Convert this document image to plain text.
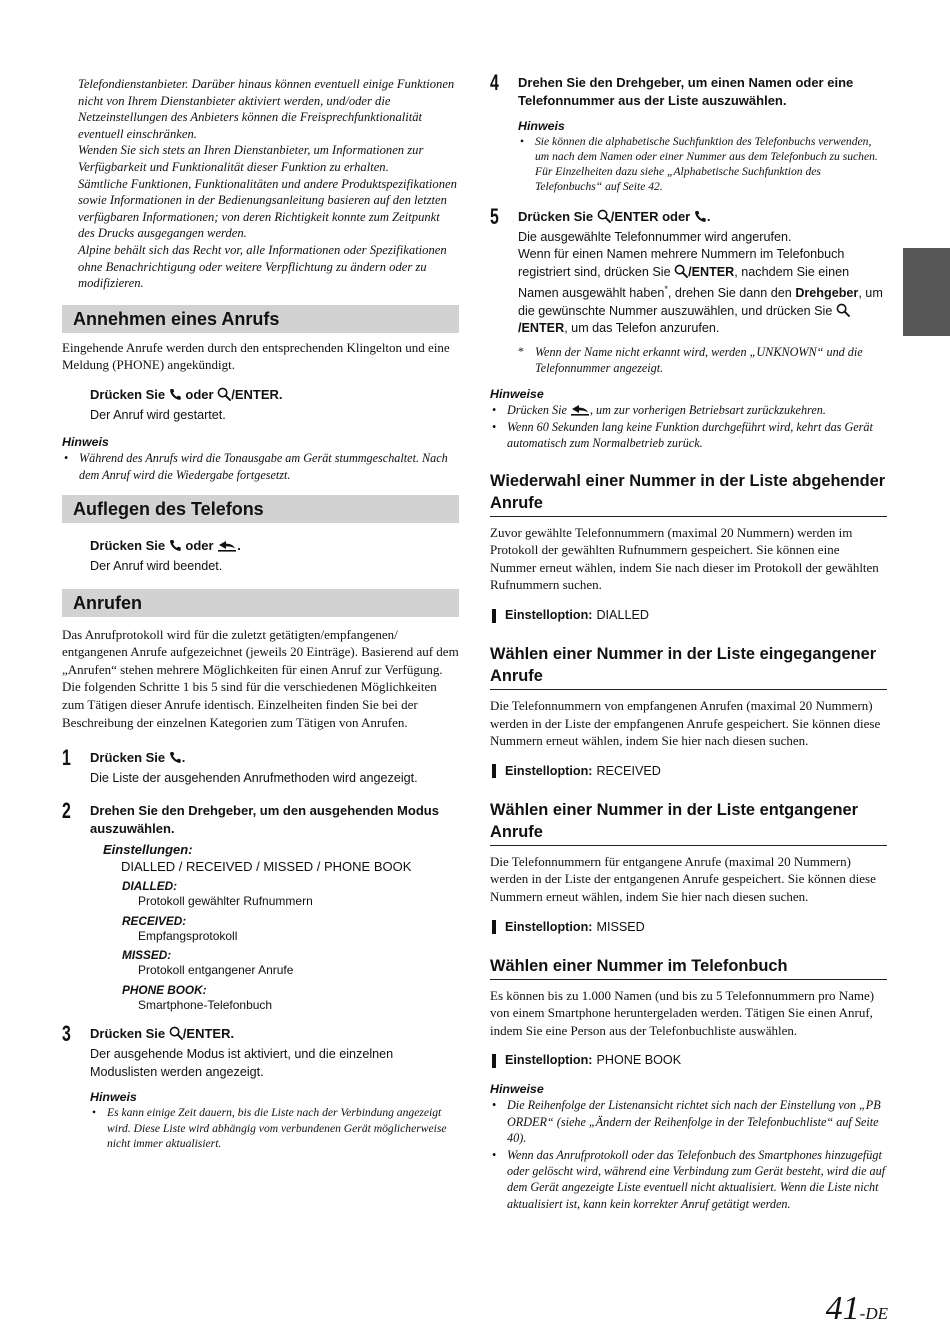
Telefondienstanbieter. Darüber hinaus können eventuell einige Funktionen nicht von Ihrem Dienstanbieter aktiviert werden, und/oder die Netzeinstellungen des Anbieters können die Freisprechfunktionalität eventuell einschränken.

Wenden Sie sich stets an Ihren Dienstanbieter, um Informationen zur Verfügbarkeit und Funktionalität dieser Funktion zu erhalten.

Sämtliche Funktionen, Funktionalitäten und andere Produktspezifikationen sowie Informationen in der Bedienungsanleitung basieren auf den letzten verfügbaren Informationen; von deren Richtigkeit konnte zum Zeitpunkt des Drucks ausgegangen werden.

Alpine behält sich das Recht vor, alle Informationen oder Spezifikationen ohne Benachrichtigung oder weitere Verpflichtung zu ändern oder zu modifizieren.

Annehmen eines Anrufs

Eingehende Anrufe werden durch den entsprechenden Klingelton und eine Meldung (PHONE) angekündigt.

Drücken Sie oder /ENTER.
Der Anruf wird gestartet.
Hinweis
• Während des Anrufs wird die Tonausgabe am Gerät stummgeschaltet. Nach dem Anruf wird die Wiedergabe fortgesetzt.
Auflegen des Telefons
Drücken Sie oder .
Der Anruf wird beendet.
Anrufen

Das Anrufprotokoll wird für die zuletzt getätigten/empfangenen/ entgangenen Anrufe aufgezeichnet (jeweils 20 Einträge). Basierend auf dem „Anrufen“ stehen mehrere Möglichkeiten für einen Anruf zur Verfügung. Die folgenden Schritte 1 bis 5 sind für die verschiedenen Möglichkeiten zum Tätigen dieser Anrufe identisch. Einzelheiten finden Sie bei der Beschreibung der einzelnen Kategorien zum Tätigen von Anrufen.

1 Drücken Sie .
Die Liste der ausgehenden Anrufmethoden wird angezeigt.
2 Drehen Sie den Drehgeber, um den ausgehenden Modus auszuwählen.
Einstellungen:
DIALLED / RECEIVED / MISSED / PHONE BOOK
DIALLED:
Protokoll gewählter Rufnummern
RECEIVED:
Empfangsprotokoll
MISSED:
Protokoll entgangener Anrufe
PHONE BOOK:
Smartphone-Telefonbuch
3 Drücken Sie /ENTER.
Der ausgehende Modus ist aktiviert, und die einzelnen Moduslisten werden angezeigt.
Hinweis
• Es kann einige Zeit dauern, bis die Liste nach der Verbindung angezeigt wird. Diese Liste wird abhängig vom verbundenen Gerät möglicherweise nicht immer aktualisiert.
4 Drehen Sie den Drehgeber, um einen Namen oder eine Telefonnummer aus der Liste auszuwählen.
Hinweis
• Sie können die alphabetische Suchfunktion des Telefonbuchs verwenden, um nach dem Namen oder einer Nummer aus dem Telefonbuch zu suchen. Für Einzelheiten dazu siehe „Alphabetische Suchfunktion des Telefonbuchs“ auf Seite 42.
5 Drücken Sie /ENTER oder .
Die ausgewählte Telefonnummer wird angerufen.
Wenn für einen Namen mehrere Nummern im Telefonbuch registriert sind, drücken Sie /ENTER, nachdem Sie einen Namen ausgewählt haben*, drehen Sie dann den Drehgeber, um die gewünschte Nummer auszuwählen, und drücken Sie /ENTER, um das Telefon anzurufen.
* Wenn der Name nicht erkannt wird, werden „UNKNOWN“ und die Telefonnummer angezeigt.
Hinweise
• Drücken Sie , um zur vorherigen Betriebsart zurückzukehren.
• Wenn 60 Sekunden lang keine Funktion durchgeführt wird, kehrt das Gerät automatisch zum Normalbetrieb zurück.
Wiederwahl einer Nummer in der Liste abgehender Anrufe

Zuvor gewählte Telefonnummern (maximal 20 Nummern) werden im Protokoll der gewählten Rufnummern gespeichert. Sie können eine Nummer erneut wählen, indem Sie nach dieser im Protokoll der gewählten Rufnummern suchen.

Einstelloption: DIALLED
Wählen einer Nummer in der Liste eingegangener Anrufe

Die Telefonnummern von empfangenen Anrufen (maximal 20 Nummern) werden in der Liste der empfangenen Anrufe gespeichert. Sie können diese Nummern erneut wählen, indem Sie hier nach diesen suchen.

Einstelloption: RECEIVED
Wählen einer Nummer in der Liste entgangener Anrufe

Die Telefonnummern für entgangene Anrufe (maximal 20 Nummern) werden in der Liste der entgangenen Anrufe gespeichert. Sie können diese Nummern erneut wählen, indem Sie hier nach diesen suchen.

Einstelloption: MISSED
Wählen einer Nummer im Telefonbuch

Es können bis zu 1.000 Namen (und bis zu 5 Telefonnummern pro Name) von einem Smartphone heruntergeladen werden. Tätigen Sie einen Anruf, indem Sie eine Person aus der Telefonbuchliste auswählen.

Einstelloption: PHONE BOOK
Hinweise
• Die Reihenfolge der Listenansicht richtet sich nach der Einstellung von „PB ORDER“ (siehe „Ändern der Reihenfolge in der Telefonbuchliste“ auf Seite 40).
• Wenn das Anrufprotokoll oder das Telefonbuch des Smartphones hinzugefügt oder gelöscht wird, während eine Verbindung zum Gerät besteht, wird die auf dem Gerät angezeigte Liste eventuell nicht aktualisiert. Wenn die Liste nicht aktualisiert ist, kann kein korrekter Anruf getätigt werden.
41-DE
